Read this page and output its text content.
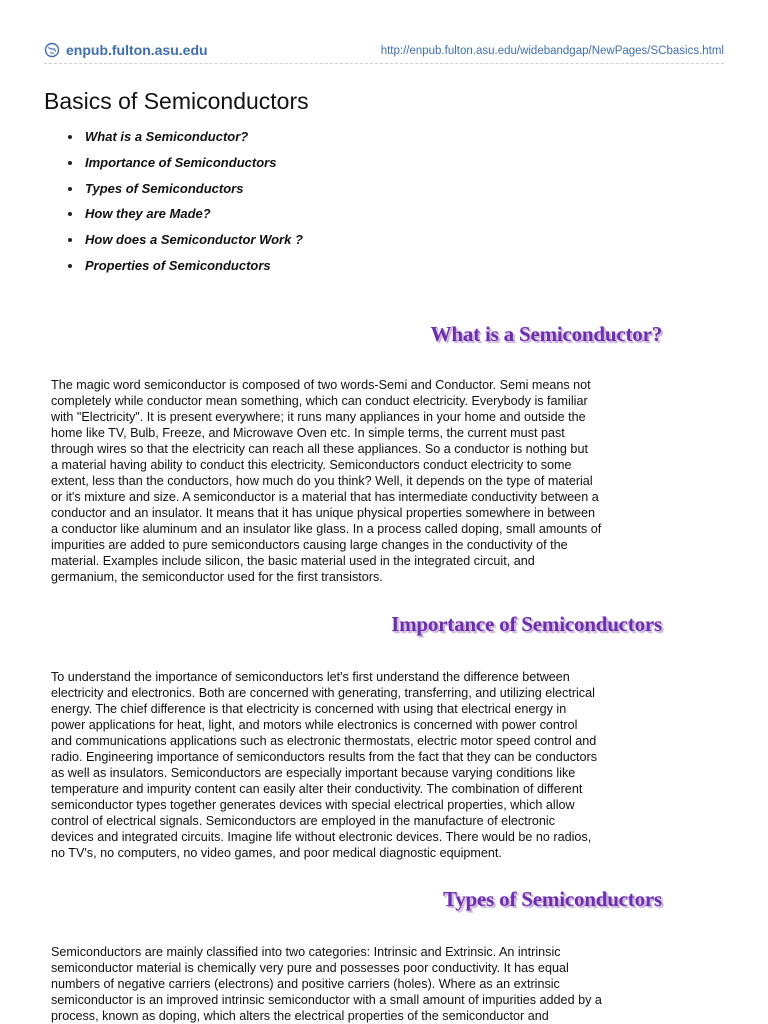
enpub.fulton.asu.edu	http://enpub.fulton.asu.edu/widebandgap/NewPages/SCbasics.html
Basics of Semiconductors
What is a Semiconductor?
Importance of Semiconductors
Types of Semiconductors
How they are Made?
How does a Semiconductor Work ?
Properties of Semiconductors
What is a Semiconductor?
The magic word semiconductor is composed of two words-Semi and Conductor. Semi means not
completely while conductor mean something, which can conduct electricity. Everybody is familiar
with "Electricity". It is present everywhere; it runs many appliances in your home and outside the
home like TV, Bulb, Freeze, and Microwave Oven etc. In simple terms, the current must past
through wires so that the electricity can reach all these appliances. So a conductor is nothing but
a material having ability to conduct this electricity. Semiconductors conduct electricity to some
extent, less than the conductors, how much do you think? Well, it depends on the type of material
or it's mixture and size. A semiconductor is a material that has intermediate conductivity between a
conductor and an insulator. It means that it has unique physical properties somewhere in between
a conductor like aluminum and an insulator like glass. In a process called doping, small amounts of
impurities are added to pure semiconductors causing large changes in the conductivity of the
material. Examples include silicon, the basic material used in the integrated circuit, and
germanium, the semiconductor used for the first transistors.
Importance of Semiconductors
To understand the importance of semiconductors let's first understand the difference between
electricity and electronics. Both are concerned with generating, transferring, and utilizing electrical
energy. The chief difference is that electricity is concerned with using that electrical energy in
power applications for heat, light, and motors while electronics is concerned with power control
and communications applications such as electronic thermostats, electric motor speed control and
radio. Engineering importance of semiconductors results from the fact that they can be conductors
as well as insulators. Semiconductors are especially important because varying conditions like
temperature and impurity content can easily alter their conductivity. The combination of different
semiconductor types together generates devices with special electrical properties, which allow
control of electrical signals. Semiconductors are employed in the manufacture of electronic
devices and integrated circuits. Imagine life without electronic devices. There would be no radios,
no TV's, no computers, no video games, and poor medical diagnostic equipment.
Types of Semiconductors
Semiconductors are mainly classified into two categories: Intrinsic and Extrinsic. An intrinsic
semiconductor material is chemically very pure and possesses poor conductivity. It has equal
numbers of negative carriers (electrons) and positive carriers (holes). Where as an extrinsic
semiconductor is an improved intrinsic semiconductor with a small amount of impurities added by a
process, known as doping, which alters the electrical properties of the semiconductor and
